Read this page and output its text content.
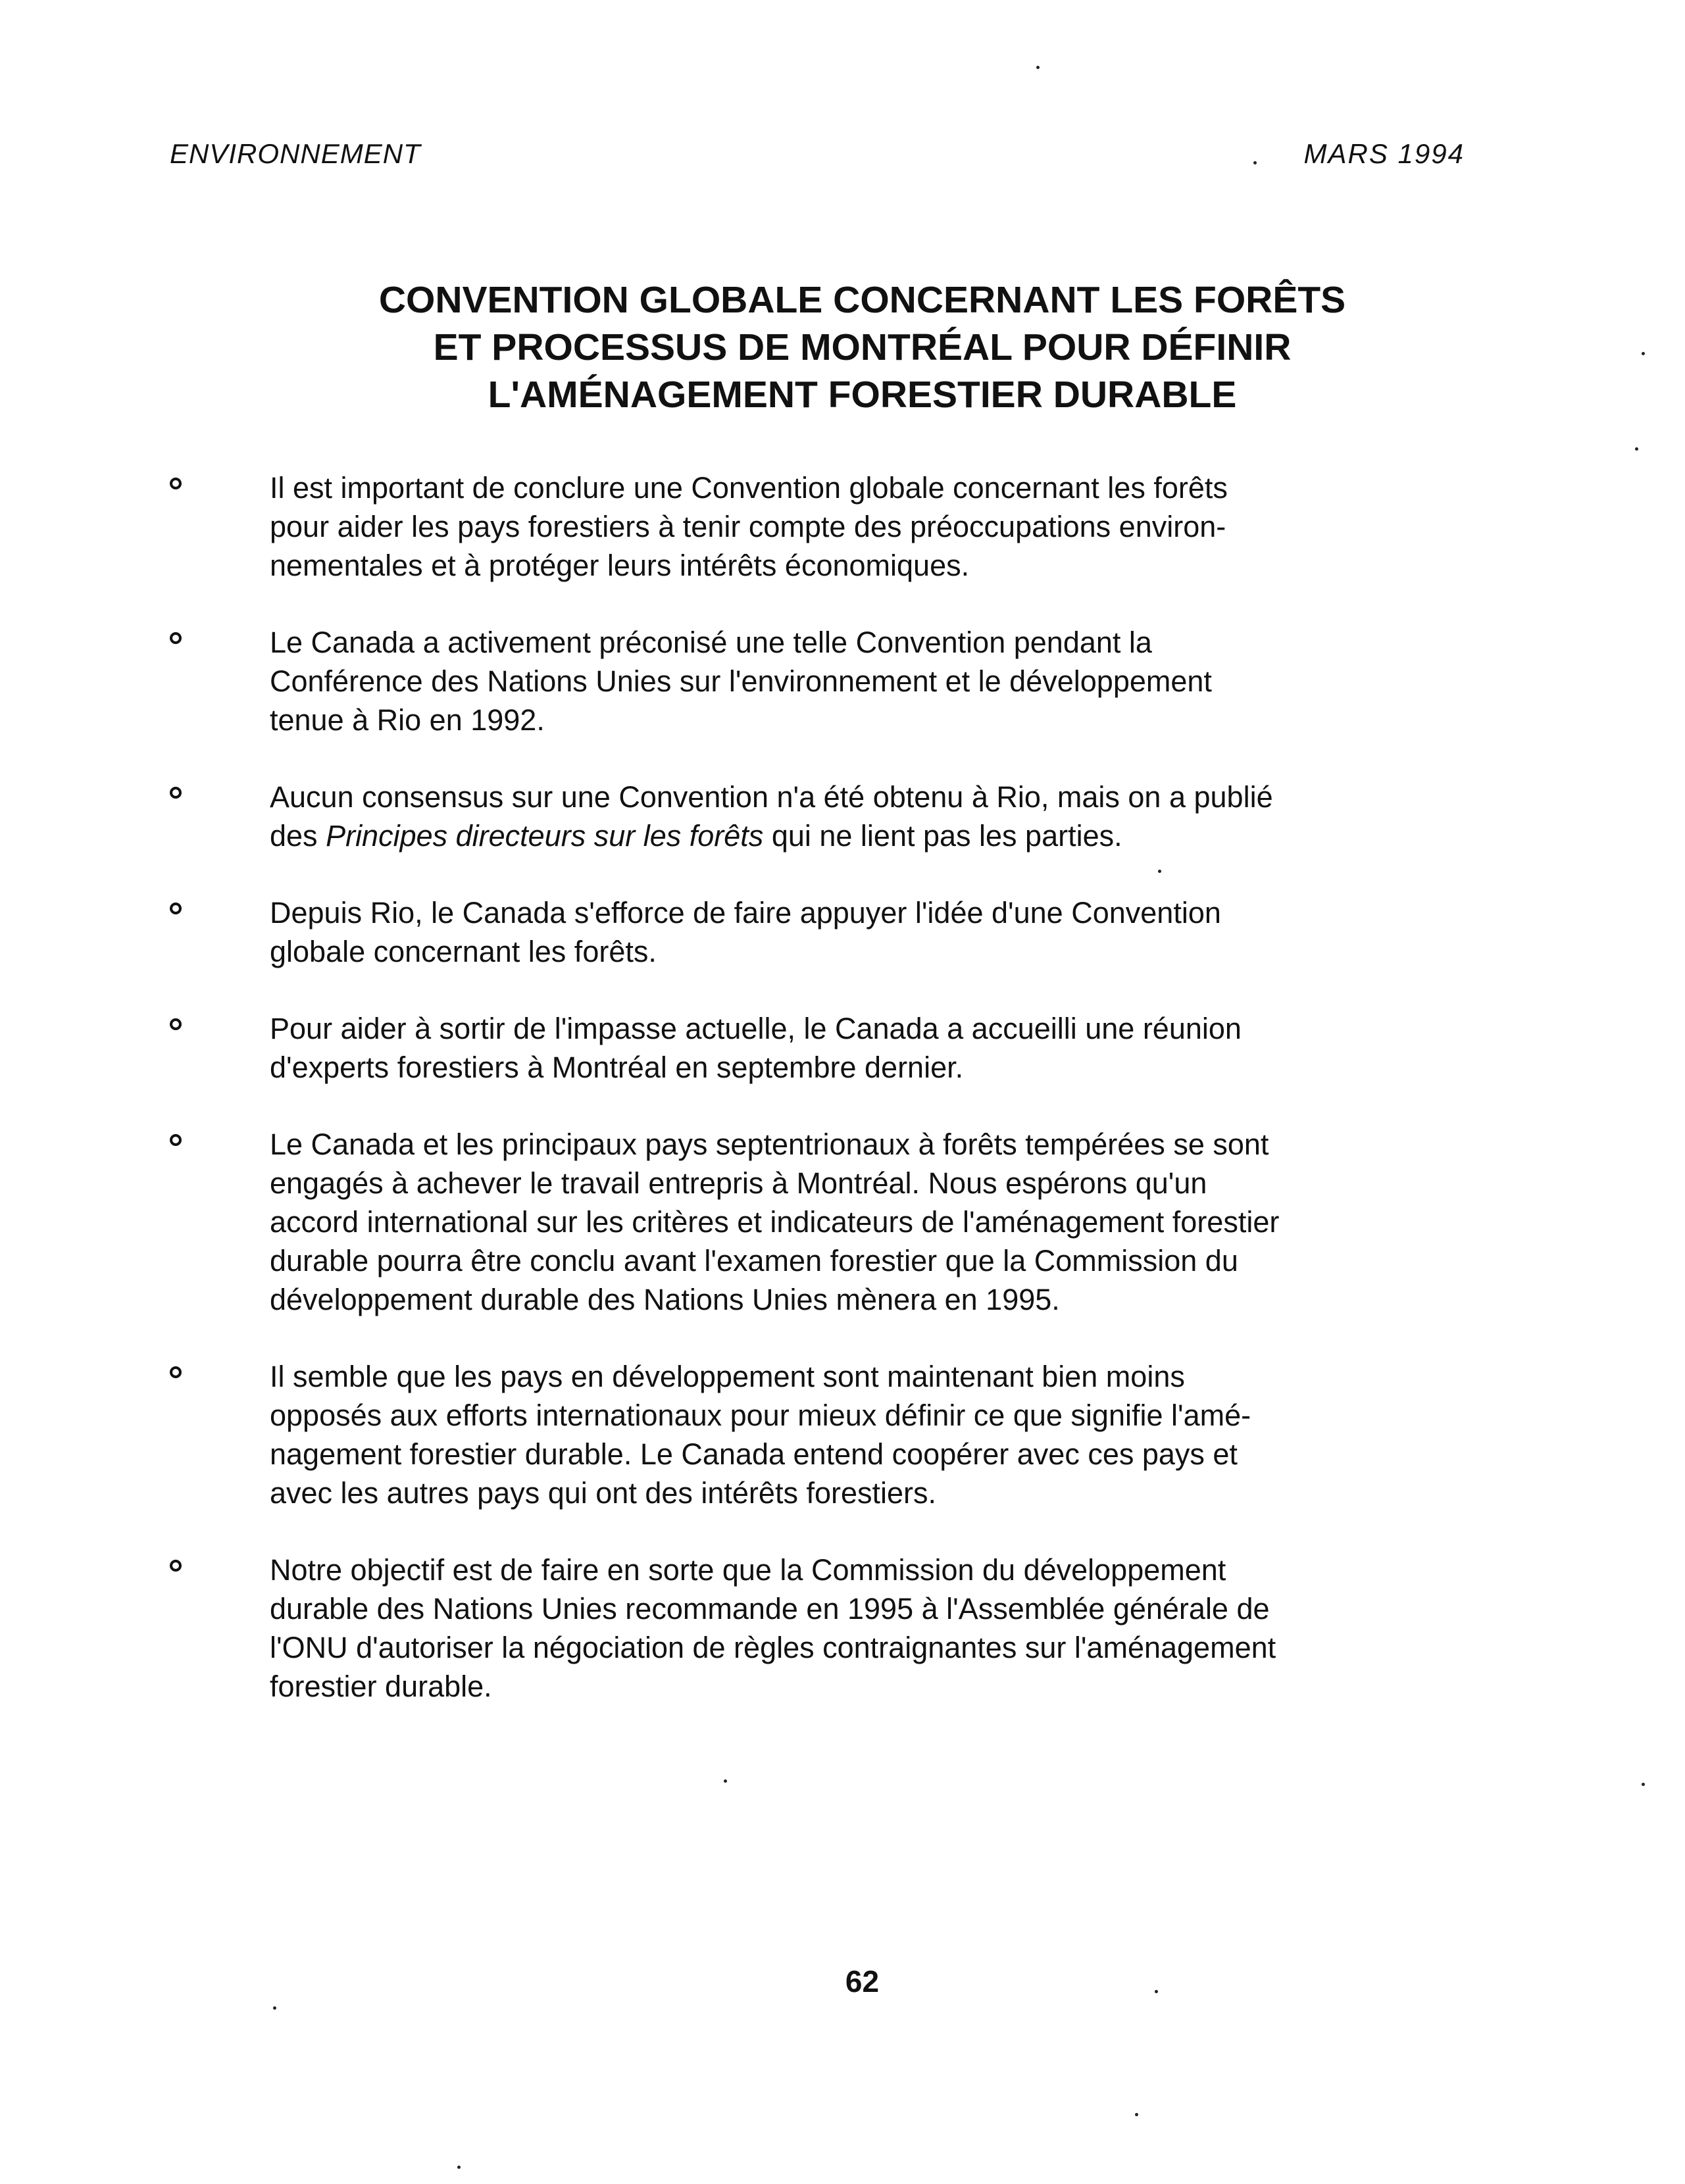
ENVIRONNEMENT	MARS 1994
CONVENTION GLOBALE CONCERNANT LES FORÊTS
ET PROCESSUS DE MONTRÉAL POUR DÉFINIR
L'AMÉNAGEMENT FORESTIER DURABLE
Il est important de conclure une Convention globale concernant les forêts
pour aider les pays forestiers à tenir compte des préoccupations environ-
nementales et à protéger leurs intérêts économiques.
Le Canada a activement préconisé une telle Convention pendant la
Conférence des Nations Unies sur l'environnement et le développement
tenue à Rio en 1992.
Aucun consensus sur une Convention n'a été obtenu à Rio, mais on a publié
des Principes directeurs sur les forêts qui ne lient pas les parties.
Depuis Rio, le Canada s'efforce de faire appuyer l'idée d'une Convention
globale concernant les forêts.
Pour aider à sortir de l'impasse actuelle, le Canada a accueilli une réunion
d'experts forestiers à Montréal en septembre dernier.
Le Canada et les principaux pays septentrionaux à forêts tempérées se sont
engagés à achever le travail entrepris à Montréal. Nous espérons qu'un
accord international sur les critères et indicateurs de l'aménagement forestier
durable pourra être conclu avant l'examen forestier que la Commission du
développement durable des Nations Unies mènera en 1995.
Il semble que les pays en développement sont maintenant bien moins
opposés aux efforts internationaux pour mieux définir ce que signifie l'amé-
nagement forestier durable. Le Canada entend coopérer avec ces pays et
avec les autres pays qui ont des intérêts forestiers.
Notre objectif est de faire en sorte que la Commission du développement
durable des Nations Unies recommande en 1995 à l'Assemblée générale de
l'ONU d'autoriser la négociation de règles contraignantes sur l'aménagement
forestier durable.
62
